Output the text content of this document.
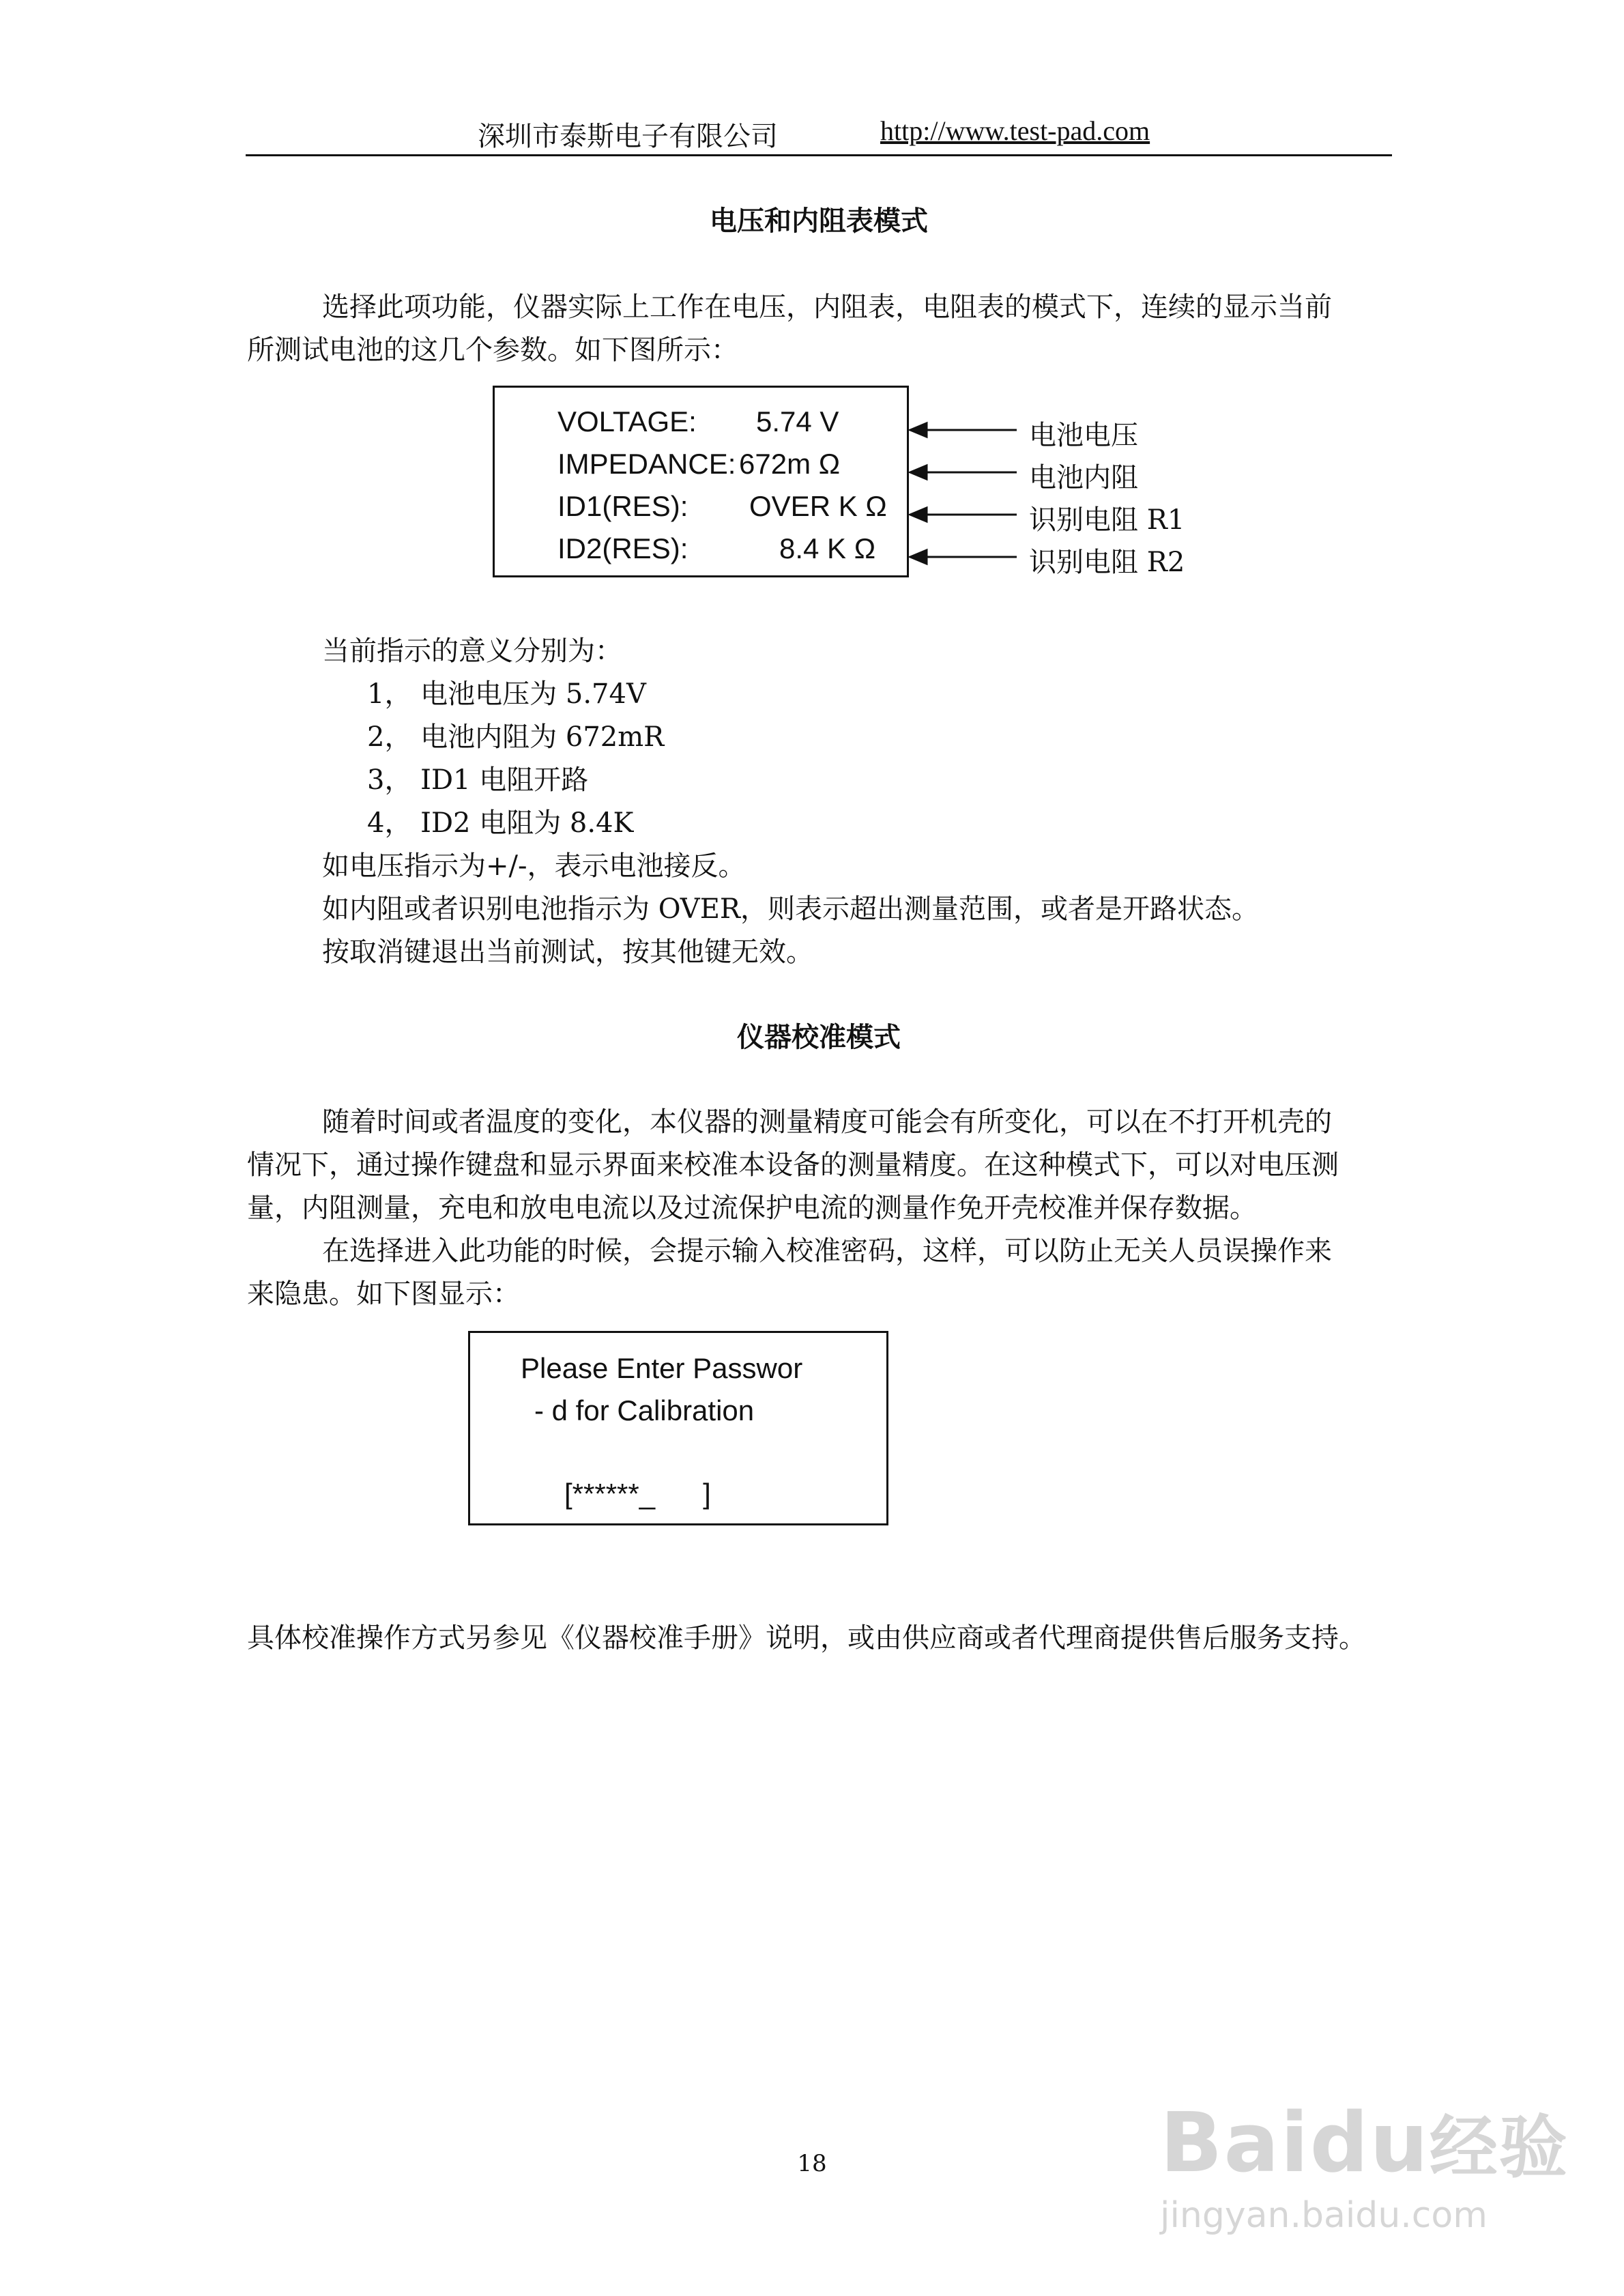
深圳市泰斯电子有限公司	http://www.test-pad.com
电压和内阻表模式
选择此项功能，仪器实际上工作在电压，内阻表，电阻表的模式下，连续的显示当前
所测试电池的这几个参数。如下图所示：
VOLTAGE: 5.74 V
IMPEDANCE: 672m Ω
ID1(RES): OVER K Ω
ID2(RES):	8.4 K Ω
电池电压
电池内阻
识别电阻 R1
识别电阻 R2
当前指示的意义分别为：
1， 电池电压为 5.74V
2， 电池内阻为 672mR
3， ID1 电阻开路
4， ID2 电阻为 8.4K
如电压指示为+/-，表示电池接反。
如内阻或者识别电池指示为 OVER，则表示超出测量范围，或者是开路状态。
按取消键退出当前测试，按其他键无效。
仪器校准模式
随着时间或者温度的变化，本仪器的测量精度可能会有所变化，可以在不打开机壳的
情况下，通过操作键盘和显示界面来校准本设备的测量精度。在这种模式下，可以对电压测
量，内阻测量，充电和放电电流以及过流保护电流的测量作免开壳校准并保存数据。
在选择进入此功能的时候，会提示输入校准密码，这样，可以防止无关人员误操作来
来隐患。如下图显示：
Please Enter Passwor
- d for Calibration
[******_      ]
具体校准操作方式另参见《仪器校准手册》说明，或由供应商或者代理商提供售后服务支持。
18	Baidu经验
jingyan.baidu.com
